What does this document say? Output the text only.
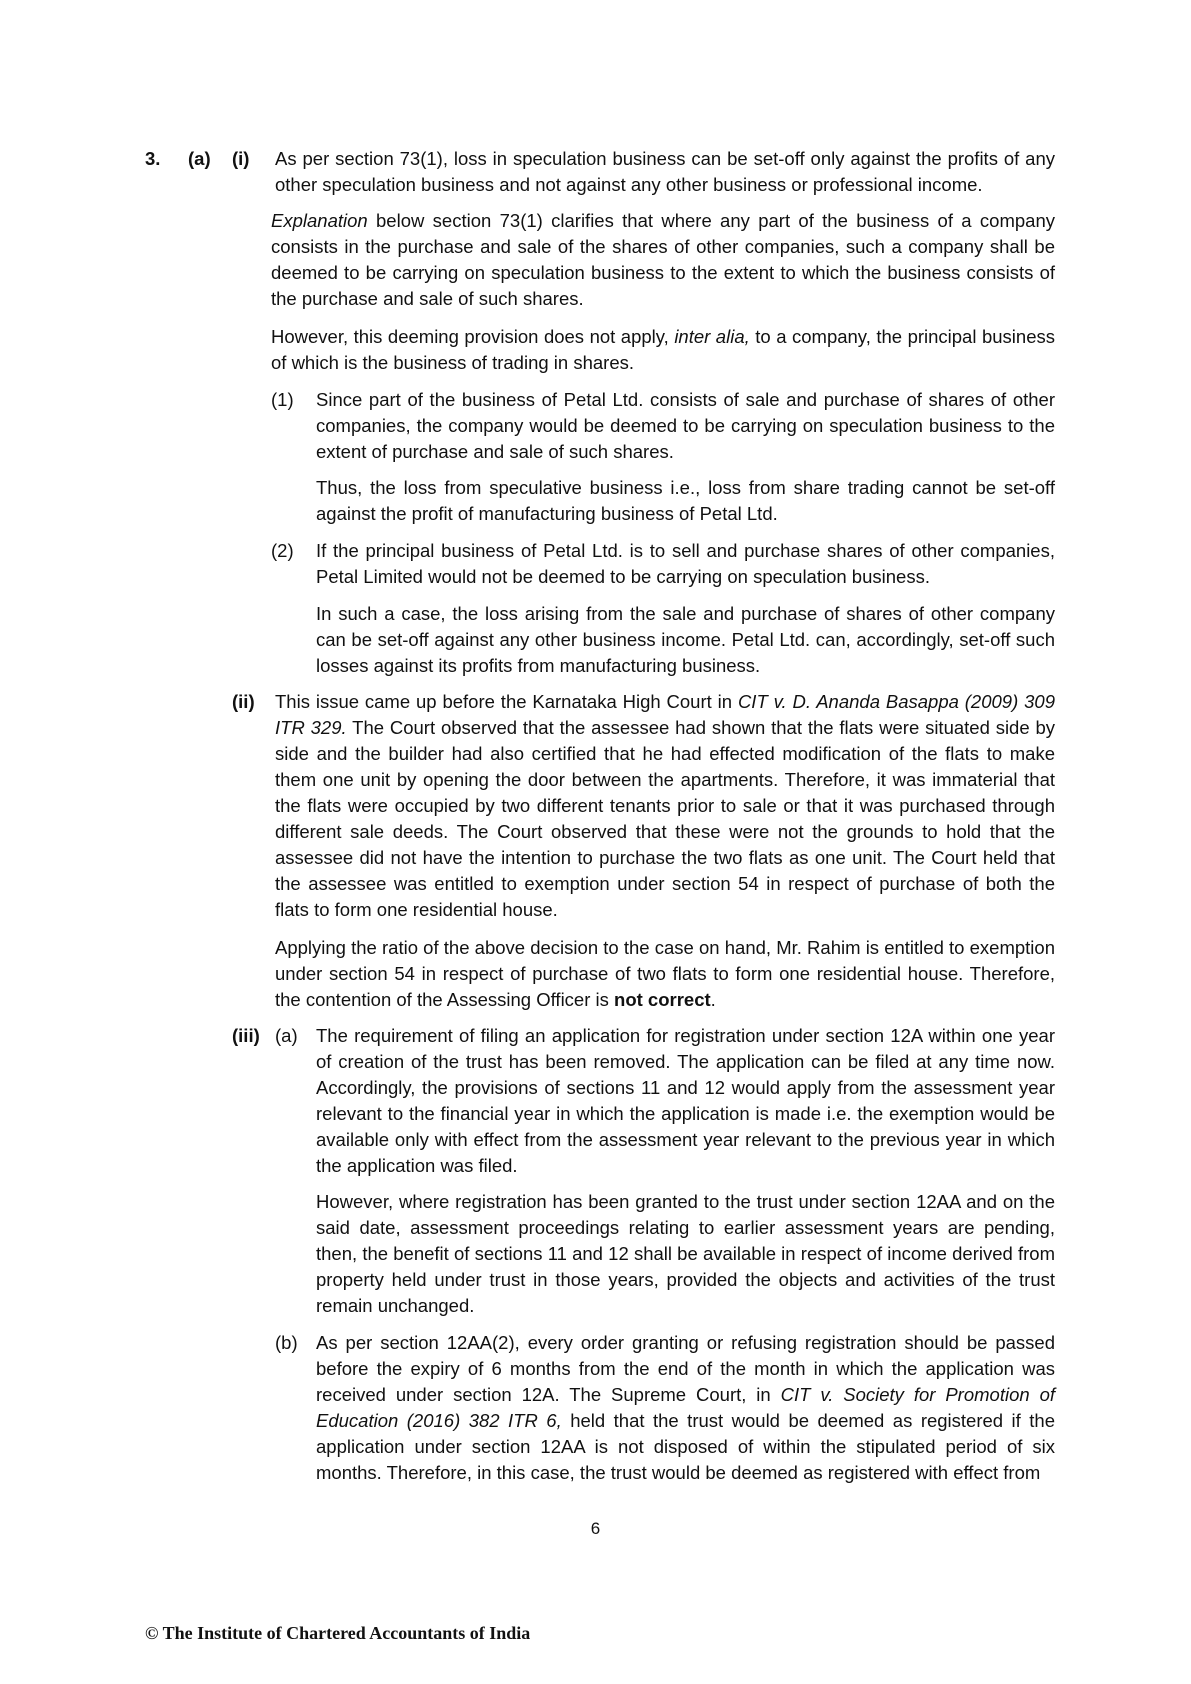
3. (a) (i) As per section 73(1), loss in speculation business can be set-off only against the profits of any other speculation business and not against any other business or professional income.

Explanation below section 73(1) clarifies that where any part of the business of a company consists in the purchase and sale of the shares of other companies, such a company shall be deemed to be carrying on speculation business to the extent to which the business consists of the purchase and sale of such shares.

However, this deeming provision does not apply, inter alia, to a company, the principal business of which is the business of trading in shares.

(1) Since part of the business of Petal Ltd. consists of sale and purchase of shares of other companies, the company would be deemed to be carrying on speculation business to the extent of purchase and sale of such shares.

Thus, the loss from speculative business i.e., loss from share trading cannot be set-off against the profit of manufacturing business of Petal Ltd.

(2) If the principal business of Petal Ltd. is to sell and purchase shares of other companies, Petal Limited would not be deemed to be carrying on speculation business.

In such a case, the loss arising from the sale and purchase of shares of other company can be set-off against any other business income. Petal Ltd. can, accordingly, set-off such losses against its profits from manufacturing business.

(ii) This issue came up before the Karnataka High Court in CIT v. D. Ananda Basappa (2009) 309 ITR 329. The Court observed that the assessee had shown that the flats were situated side by side and the builder had also certified that he had effected modification of the flats to make them one unit by opening the door between the apartments. Therefore, it was immaterial that the flats were occupied by two different tenants prior to sale or that it was purchased through different sale deeds. The Court observed that these were not the grounds to hold that the assessee did not have the intention to purchase the two flats as one unit. The Court held that the assessee was entitled to exemption under section 54 in respect of purchase of both the flats to form one residential house.

Applying the ratio of the above decision to the case on hand, Mr. Rahim is entitled to exemption under section 54 in respect of purchase of two flats to form one residential house. Therefore, the contention of the Assessing Officer is not correct.

(iii) (a) The requirement of filing an application for registration under section 12A within one year of creation of the trust has been removed. The application can be filed at any time now. Accordingly, the provisions of sections 11 and 12 would apply from the assessment year relevant to the financial year in which the application is made i.e. the exemption would be available only with effect from the assessment year relevant to the previous year in which the application was filed.

However, where registration has been granted to the trust under section 12AA and on the said date, assessment proceedings relating to earlier assessment years are pending, then, the benefit of sections 11 and 12 shall be available in respect of income derived from property held under trust in those years, provided the objects and activities of the trust remain unchanged.

(b) As per section 12AA(2), every order granting or refusing registration should be passed before the expiry of 6 months from the end of the month in which the application was received under section 12A. The Supreme Court, in CIT v. Society for Promotion of Education (2016) 382 ITR 6, held that the trust would be deemed as registered if the application under section 12AA is not disposed of within the stipulated period of six months. Therefore, in this case, the trust would be deemed as registered with effect from

6
© The Institute of Chartered Accountants of India
